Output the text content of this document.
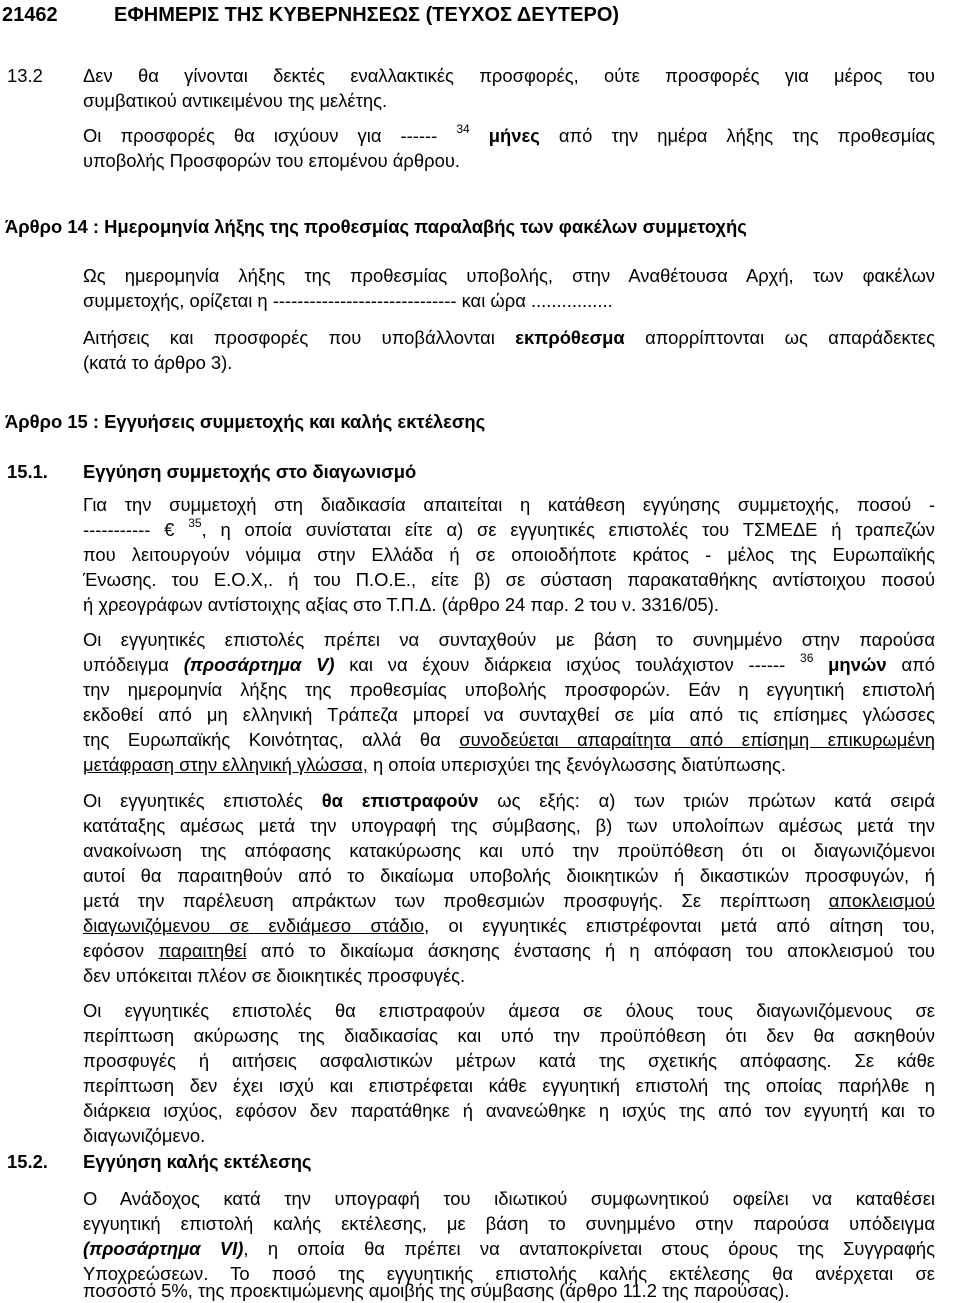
21462	ΕΦΗΜΕΡΙΣ ΤΗΣ ΚΥΒΕΡΝΗΣΕΩΣ (ΤΕΥΧΟΣ ΔΕΥΤΕΡΟ)
13.2 Δεν θα γίνονται δεκτές εναλλακτικές προσφορές, ούτε προσφορές για μέρος του
συμβατικού αντικειμένου της μελέτης.
Οι προσφορές θα ισχύουν για ------ $^{34}$ μήνες από την ημέρα λήξης της προθεσμίας
υποβολής Προσφορών του επομένου άρθρου.
Άρθρο 14 : Ημερομηνία λήξης της προθεσμίας παραλαβής των φακέλων συμμετοχής
Ως ημερομηνία λήξης της προθεσμίας υποβολής, στην Αναθέτουσα Αρχή, των φακέλων
συμμετοχής, ορίζεται η ------------------------------ και ώρα ................
Αιτήσεις και προσφορές που υποβάλλονται εκπρόθεσμα απορρίπτονται ως απαράδεκτες
(κατά το άρθρο 3).
Άρθρο 15 : Εγγυήσεις συμμετοχής και καλής εκτέλεσης
15.1. Εγγύηση συμμετοχής στο διαγωνισμό
Για την συμμετοχή στη διαδικασία απαιτείται η κατάθεση εγγύησης συμμετοχής, ποσού -
----------- € $^{35}$, η οποία συνίσταται είτε α) σε εγγυητικές επιστολές του ΤΣΜΕΔΕ ή τραπεζών
που λειτουργούν νόμιμα στην Ελλάδα ή σε οποιοδήποτε κράτος - μέλος της Ευρωπαϊκής
Ένωσης. του Ε.Ο.Χ,. ή του Π.Ο.Ε., είτε β) σε σύσταση παρακαταθήκης αντίστοιχου ποσού
ή χρεογράφων αντίστοιχης αξίας στο Τ.Π.Δ. (άρθρο 24 παρ. 2 του ν. 3316/05).
Οι εγγυητικές επιστολές πρέπει να συνταχθούν με βάση το συνημμένο στην παρούσα
υπόδειγμα (προσάρτημα V) και να έχουν διάρκεια ισχύος τουλάχιστον ------ $^{36}$ μηνών από
την ημερομηνία λήξης της προθεσμίας υποβολής προσφορών. Εάν η εγγυητική επιστολή
εκδοθεί από μη ελληνική Τράπεζα μπορεί να συνταχθεί σε μία από τις επίσημες γλώσσες
της Ευρωπαϊκής Κοινότητας, αλλά θα συνοδεύεται απαραίτητα από επίσημη επικυρωμένη
μετάφραση στην ελληνική γλώσσα, η οποία υπερισχύει της ξενόγλωσσης διατύπωσης.
Οι εγγυητικές επιστολές θα επιστραφούν ως εξής: α) των τριών πρώτων κατά σειρά
κατάταξης αμέσως μετά την υπογραφή της σύμβασης, β) των υπολοίπων αμέσως μετά την
ανακοίνωση της απόφασης κατακύρωσης και υπό την προϋπόθεση ότι οι διαγωνιζόμενοι
αυτοί θα παραιτηθούν από το δικαίωμα υποβολής διοικητικών ή δικαστικών προσφυγών, ή
μετά την παρέλευση απράκτων των προθεσμιών προσφυγής. Σε περίπτωση αποκλεισμού
διαγωνιζόμενου σε ενδιάμεσο στάδιο, οι εγγυητικές επιστρέφονται μετά από αίτηση του,
εφόσον παραιτηθεί από το δικαίωμα άσκησης ένστασης ή η απόφαση του αποκλεισμού του
δεν υπόκειται πλέον σε διοικητικές προσφυγές.
Οι εγγυητικές επιστολές θα επιστραφούν άμεσα σε όλους τους διαγωνιζόμενους σε
περίπτωση ακύρωσης της διαδικασίας και υπό την προϋπόθεση ότι δεν θα ασκηθούν
προσφυγές ή αιτήσεις ασφαλιστικών μέτρων κατά της σχετικής απόφασης. Σε κάθε
περίπτωση δεν έχει ισχύ και επιστρέφεται κάθε εγγυητική επιστολή της οποίας παρήλθε η
διάρκεια ισχύος, εφόσον δεν παρατάθηκε ή ανανεώθηκε η ισχύς της από τον εγγυητή και το
διαγωνιζόμενο.
15.2. Εγγύηση καλής εκτέλεσης
Ο Ανάδοχος κατά την υπογραφή του ιδιωτικού συμφωνητικού οφείλει να καταθέσει
εγγυητική επιστολή καλής εκτέλεσης, με βάση το συνημμένο στην παρούσα υπόδειγμα
(προσάρτημα VI), η οποία θα πρέπει να ανταποκρίνεται στους όρους της Συγγραφής
Υποχρεώσεων. Το ποσό της εγγυητικής επιστολής καλής εκτέλεσης θα ανέρχεται σε
ποσοστό 5%, της προεκτιμώμενης αμοιβής της σύμβασης (άρθρο 11.2 της παρούσας).
